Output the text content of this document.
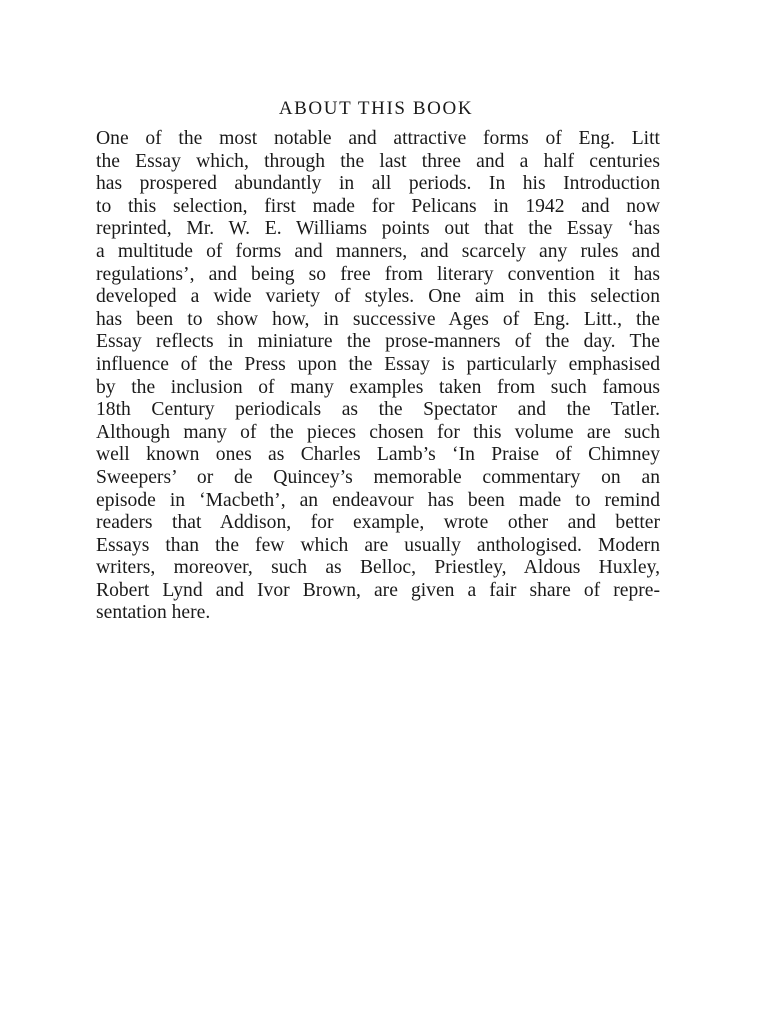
ABOUT THIS BOOK
One of the most notable and attractive forms of Eng. Litt
the Essay which, through the last three and a half centuries
has prospered abundantly in all periods. In his Introduction
to this selection, first made for Pelicans in 1942 and now
reprinted, Mr. W. E. Williams points out that the Essay ‘has
a multitude of forms and manners, and scarcely any rules and
regulations’, and being so free from literary convention it has
developed a wide variety of styles. One aim in this selection
has been to show how, in successive Ages of Eng. Litt., the
Essay reflects in miniature the prose-manners of the day. The
influence of the Press upon the Essay is particularly emphasised
by the inclusion of many examples taken from such famous
18th Century periodicals as the Spectator and the Tatler.
Although many of the pieces chosen for this volume are such
well known ones as Charles Lamb’s ‘In Praise of Chimney
Sweepers’ or de Quincey’s memorable commentary on an
episode in ‘Macbeth’, an endeavour has been made to remind
readers that Addison, for example, wrote other and better
Essays than the few which are usually anthologised. Modern
writers, moreover, such as Belloc, Priestley, Aldous Huxley,
Robert Lynd and Ivor Brown, are given a fair share of repre-
sentation here.
